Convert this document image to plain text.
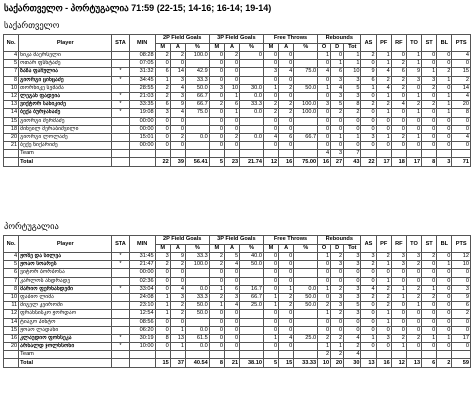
საქართველო - პორტუგალია 71:59 (22-15; 14-16; 16-14; 19-14)
საქართველო
No.	Player	STA	MIN	2P Field Goals			3P Field Goals			Free Throws			Rebounds			AS	PF	RF	TO	ST	BL	PTS
				M	A	%	M	A	%	M	A	%	O	D	Tot							
4	ნიკა მაერსელი		08:28	2	2	100.0	0	2	0	0	0		1	0	1	2	1	0	1	0	0	4
5	ოთარ ფსხტაძე		07:05	0	0		0	0		0	0		0	1	1	0	1	2	1	0	0	0
7	ზაზა ფაჩულია	*	31:32	6	14	42.9	0	0		3	4	75.0	4	6	10	9	4	6	9	1	2	15
8	გიორგი ცინცაძე	*	34:45	1	3	33.3	0	0		0	0		0	3	3	6	2	2	3	3	1	2
10	თორნიკე სემაშა		28:55	2	4	50.0	3	10	30.0	1	2	50.0	1	4	5	1	4	2	0	2	0	14
12	ლეგან ფადეია	*	21:03	2	3	66.7	0	1	0.0	0	0		0	3	3	0	1	0	1	0	1	4
13	ვიქტორ სანიკიძე	*	33:35	6	9	66.7	2	6	33.3	2	2	100.0	3	5	8	2	2	4	2	2	1	20
14	ბექა ბურჯანაძე	*	19:08	3	4	75.0	0	1	0.0	2	2	100.0	0	2	2	0	1	0	1	0	1	8
15	გიორგი შერმაძე		00:00	0	0		0	0		0	0		0	0	0	0	0	0	0	0	0	0
18	მიხეილ მერაბიშვილი		00:00	0	0		0	0		0	0		0	0	0	0	0	0	0	0	0	0
20	გიორგი ლოლაძე		15:01	0	2	0.0	0	2	0.0	4	6	66.7	0	1	1	3	1	2	1	0	0	4
21	ბექე წიქარიძე		00:00	0	0		0	0		0	0		0	0	0	0	0	0	0	0	0	0
	Team												4	3	7							
	Total			22	39	56.41	5	23	21.74	12	16	75.00	16	27	43	22	17	18	17	8	3	71
პორტუგალია
No.	Player	STA	MIN	2P Field Goals			3P Field Goals			Free Throws			Rebounds			AS	PF	RF	TO	ST	BL	PTS
				M	A	%	M	A	%	M	A	%	O	D	Tot							
4	ჟოზე და სილვა	*	31:45	3	9	33.3	2	5	40.0	0	0		1	2	3	3	2	3	3	2	0	12
5	ჟოაო სოარეს	*	21:47	2	2	100.0	2	4	50.0	0	0		0	3	3	2	1	3	2	0	1	10
6	ვიტორ ბორბოსა		00:00	0	0		0	0		0	0		0	0	0	0	0	0	0	0	0	0
7	კარლოს ანდრადე		02:36	0	0		0	0		0	0		0	0	0	0	1	0	0	0	0	0
8	მარიო ფერნანდეში	*	33:04	0	4	0.0	1	6	16.7	0	1	0.0	1	2	3	4	2	1	2	1	0	3
10	ფაბიო ლიმა		24:08	1	3	33.3	2	3	66.7	1	2	50.0	0	3	3	2	2	1	2	2	0	9
11	მიგელ კეიროში		23:10	1	2	50.0	1	4	25.0	1	2	50.0	2	3	5	0	2	0	1	0	0	6
12	ფრანსისკო ჟორდაო		12:54	1	2	50.0	0	0		0	0		1	2	3	0	1	0	0	0	0	2
14	ტიაგო პინტო		08:56	0	0		0	0		0	0		0	0	0	0	1	0	0	0	0	0
15	ჟოაო ლადანი		06:20	0	1	0.0	0	0		0	0		0	0	0	0	0	0	0	0	0	0
16	კლაუდიო ფონსეკა	*	30:19	8	13	61.5	0	0		1	4	25.0	2	2	4	1	3	2	2	1	1	17
20	არნალდ ჯოლნსონი	*	10:00	0	1	0.0	0	0		0	0		1	1	2	0	0	1	0	0	0	0
	Team												2	2	4							
	Total			15	37	40.54	8	21	38.10	5	15	33.33	10	20	30	13	16	12	13	6	2	59
